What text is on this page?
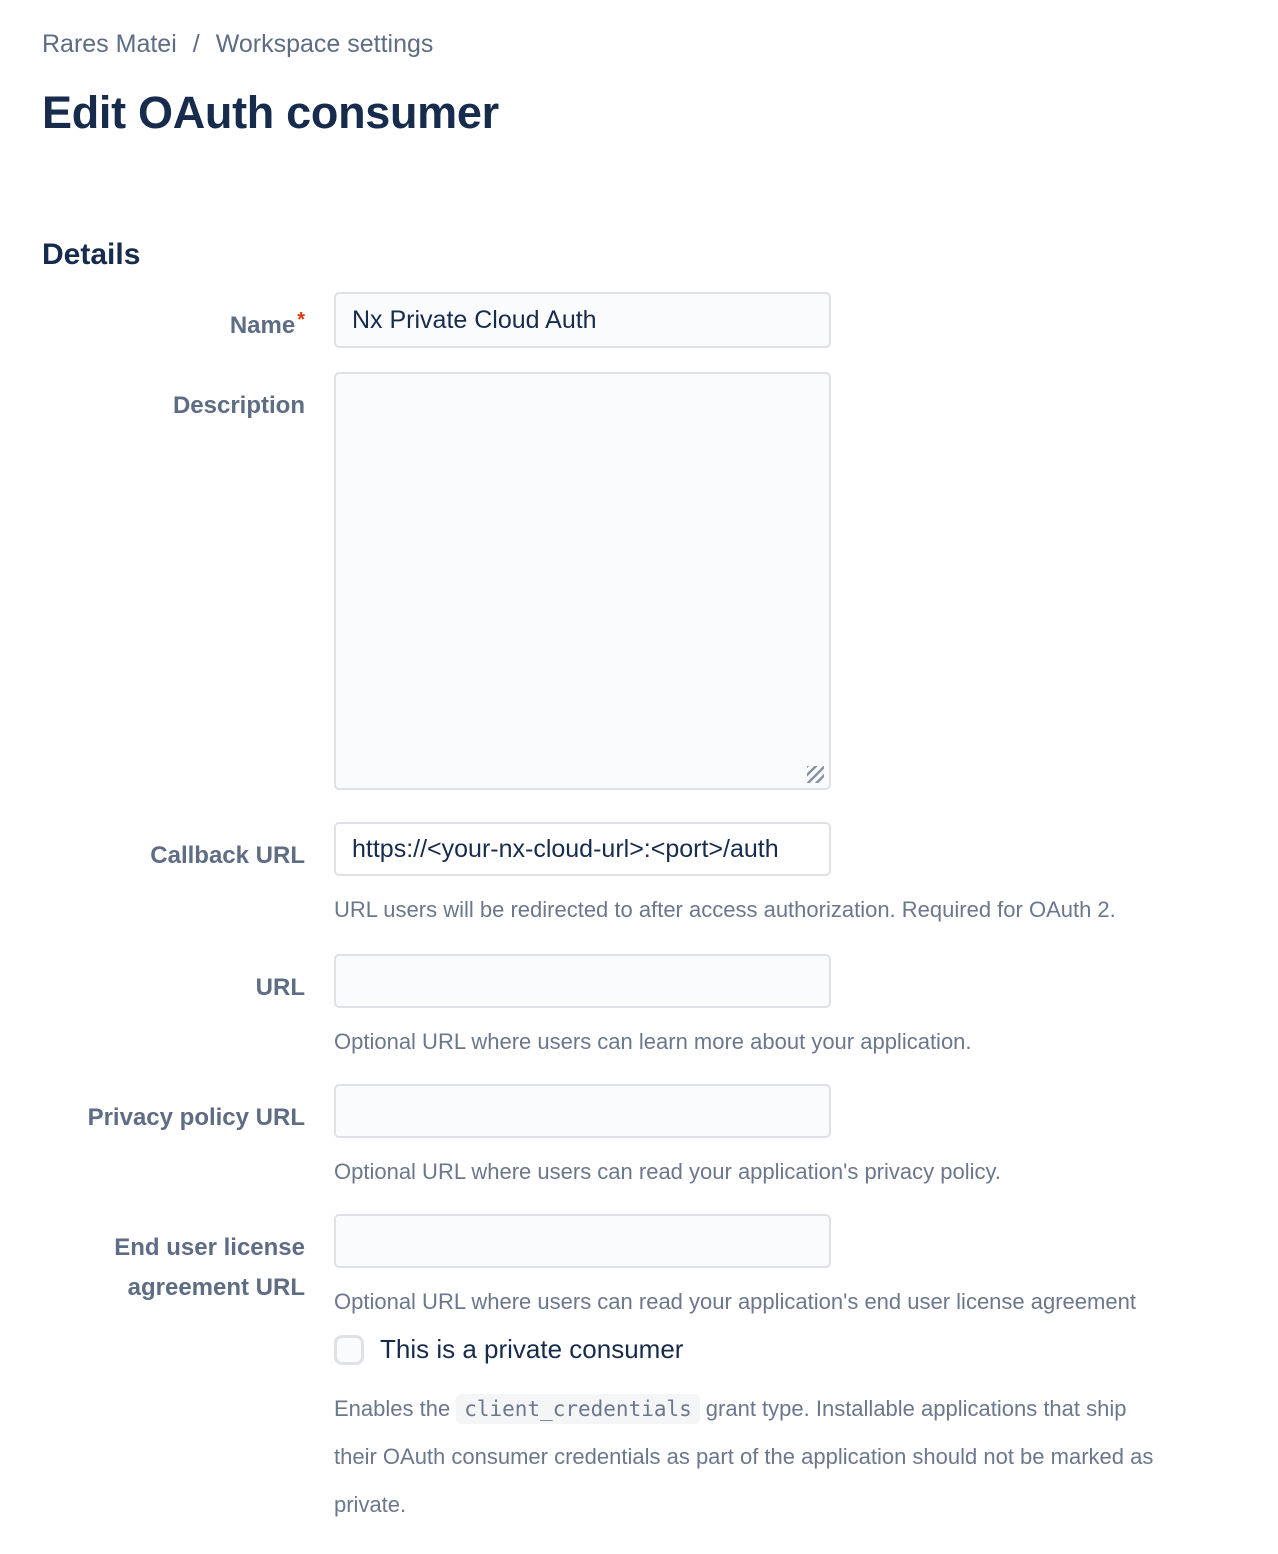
Rares Matei / Workspace settings
Edit OAuth consumer
Details
Name *
Nx Private Cloud Auth
Description
Callback URL
https://<your-nx-cloud-url>:<port>/auth
URL users will be redirected to after access authorization. Required for OAuth 2.
URL
Optional URL where users can learn more about your application.
Privacy policy URL
Optional URL where users can read your application's privacy policy.
End user license agreement URL
Optional URL where users can read your application's end user license agreement
This is a private consumer
Enables the client_credentials grant type. Installable applications that ship their OAuth consumer credentials as part of the application should not be marked as private.
